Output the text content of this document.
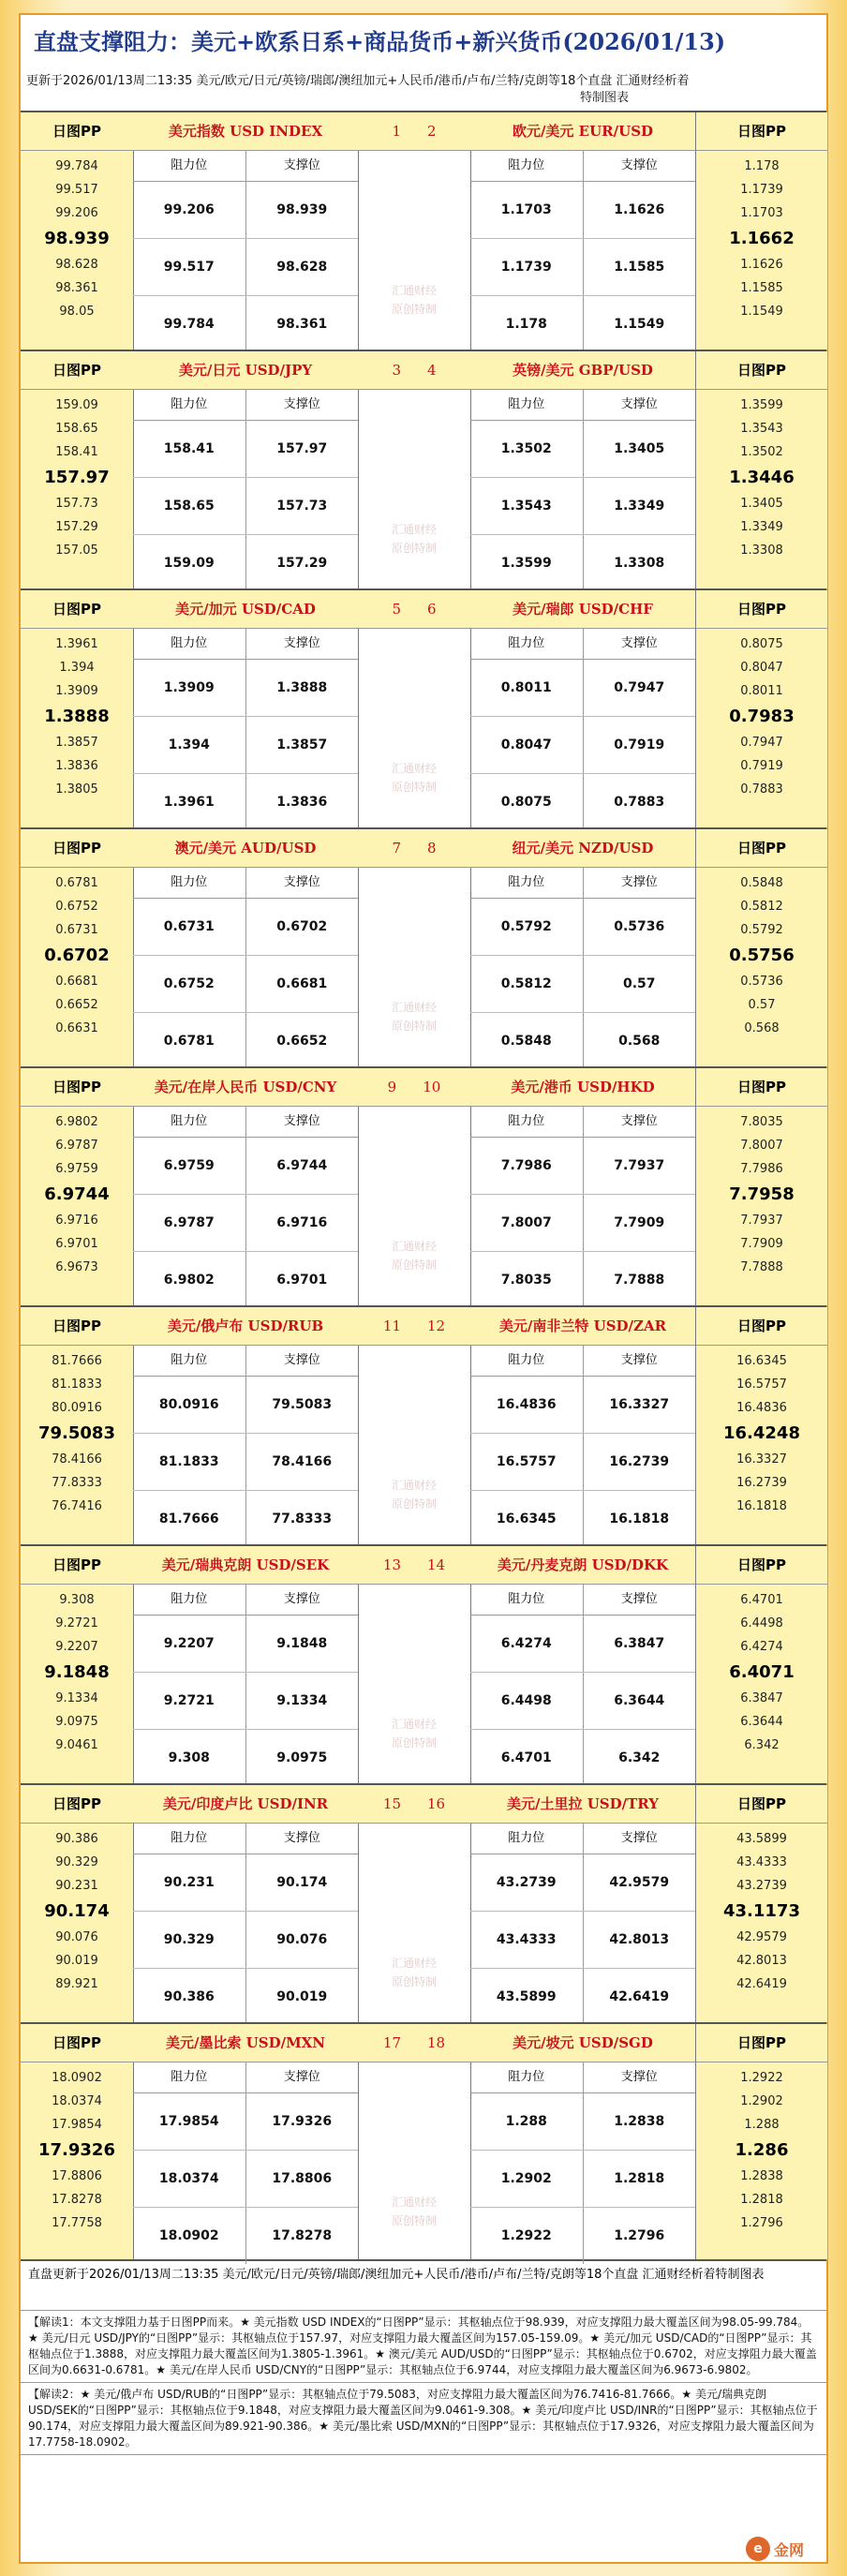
直盘支撑阻力：美元+欧系日系+商品货币+新兴货币(2026/01/13)
更新于2026/01/13周二13:35 美元/欧元/日元/英镑/瑞郎/澳纽加元+人民币/港币/卢布/兰特/克朗等18个直盘 汇通财经析着
特制图表
日图PP
99.784
99.517
99.206
98.939
98.628
98.361
98.05
美元指数 USD INDEX
阻力位	支撑位
99.206	98.939
99.517	98.628
99.784	98.361
1 2
汇通财经
原创特制
欧元/美元 EUR/USD
阻力位	支撑位
1.1703	1.1626
1.1739	1.1585
1.178	1.1549
日图PP
1.178
1.1739
1.1703
1.1662
1.1626
1.1585
1.1549
日图PP
159.09
158.65
158.41
157.97
157.73
157.29
157.05
美元/日元 USD/JPY
阻力位	支撑位
158.41	157.97
158.65	157.73
159.09	157.29
3 4
汇通财经
原创特制
英镑/美元 GBP/USD
阻力位	支撑位
1.3502	1.3405
1.3543	1.3349
1.3599	1.3308
日图PP
1.3599
1.3543
1.3502
1.3446
1.3405
1.3349
1.3308
日图PP
1.3961
1.394
1.3909
1.3888
1.3857
1.3836
1.3805
美元/加元 USD/CAD
阻力位	支撑位
1.3909	1.3888
1.394	1.3857
1.3961	1.3836
5 6
汇通财经
原创特制
美元/瑞郎 USD/CHF
阻力位	支撑位
0.8011	0.7947
0.8047	0.7919
0.8075	0.7883
日图PP
0.8075
0.8047
0.8011
0.7983
0.7947
0.7919
0.7883
日图PP
0.6781
0.6752
0.6731
0.6702
0.6681
0.6652
0.6631
澳元/美元 AUD/USD
阻力位	支撑位
0.6731	0.6702
0.6752	0.6681
0.6781	0.6652
7 8
汇通财经
原创特制
纽元/美元 NZD/USD
阻力位	支撑位
0.5792	0.5736
0.5812	0.57
0.5848	0.568
日图PP
0.5848
0.5812
0.5792
0.5756
0.5736
0.57
0.568
日图PP
6.9802
6.9787
6.9759
6.9744
6.9716
6.9701
6.9673
美元/在岸人民币 USD/CNY
阻力位	支撑位
6.9759	6.9744
6.9787	6.9716
6.9802	6.9701
9 10
汇通财经
原创特制
美元/港币 USD/HKD
阻力位	支撑位
7.7986	7.7937
7.8007	7.7909
7.8035	7.7888
日图PP
7.8035
7.8007
7.7986
7.7958
7.7937
7.7909
7.7888
日图PP
81.7666
81.1833
80.0916
79.5083
78.4166
77.8333
76.7416
美元/俄卢布 USD/RUB
阻力位	支撑位
80.0916	79.5083
81.1833	78.4166
81.7666	77.8333
11 12
汇通财经
原创特制
美元/南非兰特 USD/ZAR
阻力位	支撑位
16.4836	16.3327
16.5757	16.2739
16.6345	16.1818
日图PP
16.6345
16.5757
16.4836
16.4248
16.3327
16.2739
16.1818
日图PP
9.308
9.2721
9.2207
9.1848
9.1334
9.0975
9.0461
美元/瑞典克朗 USD/SEK
阻力位	支撑位
9.2207	9.1848
9.2721	9.1334
9.308	9.0975
13 14
汇通财经
原创特制
美元/丹麦克朗 USD/DKK
阻力位	支撑位
6.4274	6.3847
6.4498	6.3644
6.4701	6.342
日图PP
6.4701
6.4498
6.4274
6.4071
6.3847
6.3644
6.342
日图PP
90.386
90.329
90.231
90.174
90.076
90.019
89.921
美元/印度卢比 USD/INR
阻力位	支撑位
90.231	90.174
90.329	90.076
90.386	90.019
15 16
汇通财经
原创特制
美元/土里拉 USD/TRY
阻力位	支撑位
43.2739	42.9579
43.4333	42.8013
43.5899	42.6419
日图PP
43.5899
43.4333
43.2739
43.1173
42.9579
42.8013
42.6419
日图PP
18.0902
18.0374
17.9854
17.9326
17.8806
17.8278
17.7758
美元/墨比索 USD/MXN
阻力位	支撑位
17.9854	17.9326
18.0374	17.8806
18.0902	17.8278
17 18
汇通财经
原创特制
美元/坡元 USD/SGD
阻力位	支撑位
1.288	1.2838
1.2902	1.2818
1.2922	1.2796
日图PP
1.2922
1.2902
1.288
1.286
1.2838
1.2818
1.2796
直盘更新于2026/01/13周二13:35 美元/欧元/日元/英镑/瑞郎/澳纽加元+人民币/港币/卢布/兰特/克朗等18个直盘 汇通财经析着特制图表
【解读1：本文支撑阻力基于日图PP而来。★ 美元指数 USD INDEX的“日图PP”显示：其枢轴点位于98.939，对应支撑阻力最大覆盖区间为98.05-99.784。★ 美元/日元 USD/JPY的“日图PP”显示：其枢轴点位于157.97，对应支撑阻力最大覆盖区间为157.05-159.09。★ 美元/加元 USD/CAD的“日图PP”显示：其枢轴点位于1.3888，对应支撑阻力最大覆盖区间为1.3805-1.3961。★ 澳元/美元 AUD/USD的“日图PP”显示：其枢轴点位于0.6702，对应支撑阻力最大覆盖区间为0.6631-0.6781。★ 美元/在岸人民币 USD/CNY的“日图PP”显示：其枢轴点位于6.9744，对应支撑阻力最大覆盖区间为6.9673-6.9802。
【解读2：★ 美元/俄卢布 USD/RUB的“日图PP”显示：其枢轴点位于79.5083，对应支撑阻力最大覆盖区间为76.7416-81.7666。★ 美元/瑞典克朗 USD/SEK的“日图PP”显示：其枢轴点位于9.1848，对应支撑阻力最大覆盖区间为9.0461-9.308。★ 美元/印度卢比 USD/INR的“日图PP”显示：其枢轴点位于90.174，对应支撑阻力最大覆盖区间为89.921-90.386。★ 美元/墨比索 USD/MXN的“日图PP”显示：其枢轴点位于17.9326，对应支撑阻力最大覆盖区间为17.7758-18.0902。
e 金网
